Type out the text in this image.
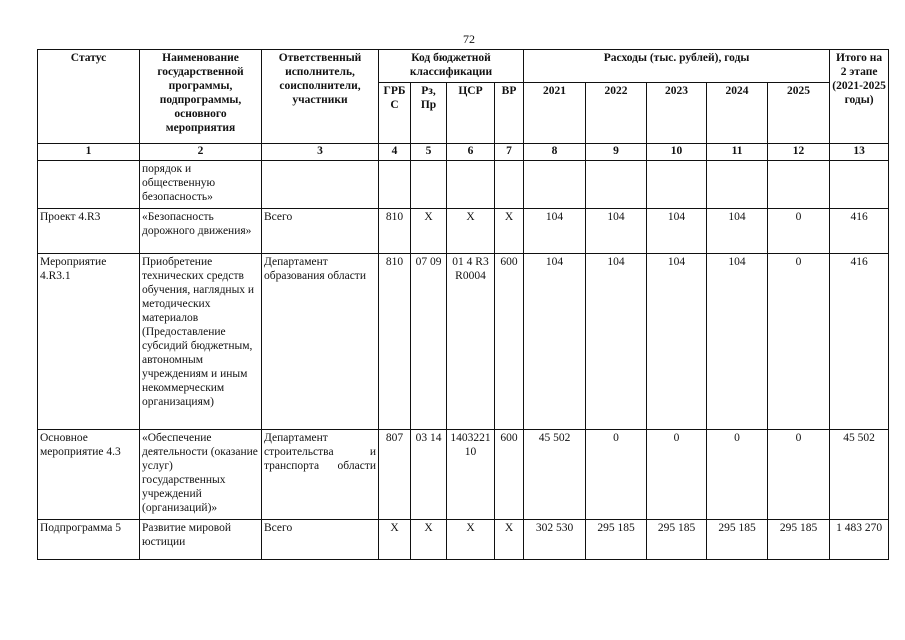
72
Статус	Наименование государственной программы, подпрограммы, основного мероприятия	Ответственный исполнитель, соисполнители, участники	Код бюджетной классификации				Расходы (тыс. рублей), годы					Итого на 2 этапе (2021-2025 годы)
			ГРБ С	Рз, Пр	ЦСР	ВР	2021	2022	2023	2024	2025	
1	2	3	4	5	6	7	8	9	10	11	12	13
	порядок и общественную безопасность»											
Проект 4.R3	«Безопасность дорожного движения»	Всего	810	Х	Х	Х	104	104	104	104	0	416
Мероприятие 4.R3.1	Приобретение технических средств обучения, наглядных и методических материалов (Предоставление субсидий бюджетным, автономным учреждениям и иным некоммерческим организациям)	Департамент образования области	810	07 09	01 4 R3 R0004	600	104	104	104	104	0	416
Основное мероприятие 4.3	«Обеспечение деятельности (оказание услуг) государственных учреждений (организаций)»	Департамент строительства и транспорта области	807	03 14	140322110	600	45 502	0	0	0	0	45 502
Подпрограмма 5	Развитие мировой юстиции	Всего	Х	Х	Х	Х	302 530	295 185	295 185	295 185	295 185	1 483 270
